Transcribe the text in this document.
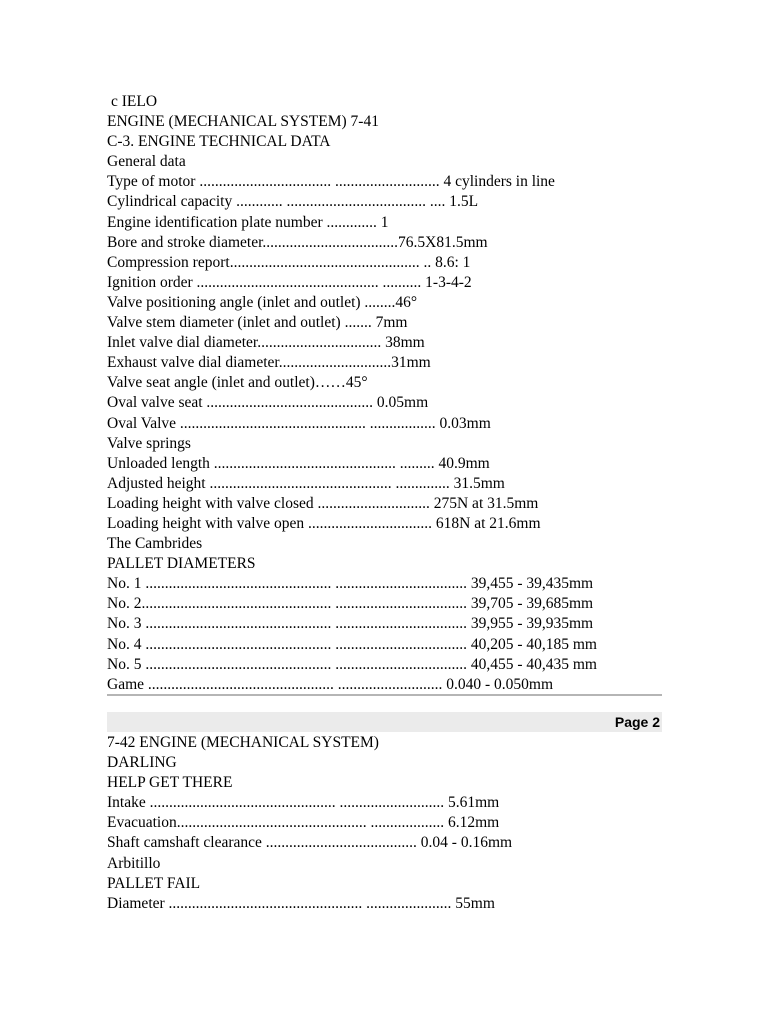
c IELO
ENGINE (MECHANICAL SYSTEM) 7-41
C-3. ENGINE TECHNICAL DATA
General data
Type of motor .................................. ........................... 4 cylinders in line
Cylindrical capacity ............ .................................... .... 1.5L
Engine identification plate number ............. 1
Bore and stroke diameter...................................76.5X81.5mm
Compression report................................................. .. 8.6: 1
Ignition order ............................................... .......... 1-3-4-2
Valve positioning angle (inlet and outlet) ........46°
Valve stem diameter (inlet and outlet) ....... 7mm
Inlet valve dial diameter................................ 38mm
Exhaust valve dial diameter.............................31mm
Valve seat angle (inlet and outlet)……45°
Oval valve seat ........................................... 0.05mm
Oval Valve ................................................ ................. 0.03mm
Valve springs
Unloaded length ............................................... ......... 40.9mm
Adjusted height ............................................... .............. 31.5mm
Loading height with valve closed ............................. 275N at 31.5mm
Loading height with valve open ................................ 618N at 21.6mm
The Cambrides
PALLET DIAMETERS
No. 1 ................................................ .................................. 39,455 - 39,435mm
No. 2................................................. .................................. 39,705 - 39,685mm
No. 3 ................................................ .................................. 39,955 - 39,935mm
No. 4 ................................................ .................................. 40,205 - 40,185 mm
No. 5 ................................................ .................................. 40,455 - 40,435 mm
Game ................................................ ........................... 0.040 - 0.050mm
Page 2
7-42 ENGINE (MECHANICAL SYSTEM)
DARLING
HELP GET THERE
Intake ................................................ ........................... 5.61mm
Evacuation................................................. ................... 6.12mm
Shaft camshaft clearance ....................................... 0.04 - 0.16mm
Arbitillo
PALLET FAIL
Diameter .................................................. ...................... 55mm
